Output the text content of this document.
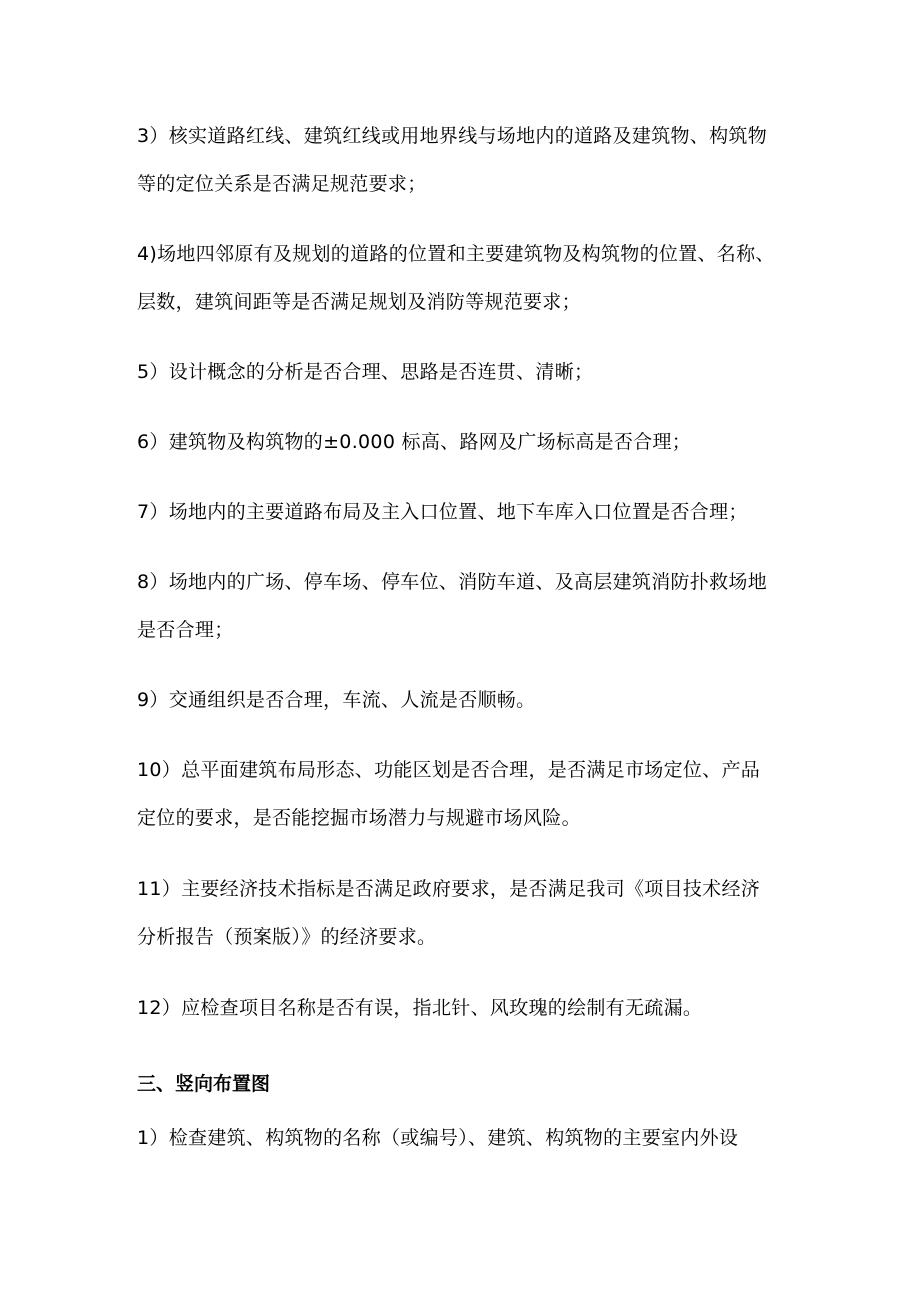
3）核实道路红线、建筑红线或用地界线与场地内的道路及建筑物、构筑物
等的定位关系是否满足规范要求；
4)场地四邻原有及规划的道路的位置和主要建筑物及构筑物的位置、名称、
层数，建筑间距等是否满足规划及消防等规范要求；
5）设计概念的分析是否合理、思路是否连贯、清晰；
6）建筑物及构筑物的±0.000 标高、路网及广场标高是否合理；
7）场地内的主要道路布局及主入口位置、地下车库入口位置是否合理；
8）场地内的广场、停车场、停车位、消防车道、及高层建筑消防扑救场地
是否合理；
9）交通组织是否合理，车流、人流是否顺畅。
10）总平面建筑布局形态、功能区划是否合理，是否满足市场定位、产品
定位的要求，是否能挖掘市场潜力与规避市场风险。
11）主要经济技术指标是否满足政府要求，是否满足我司《项目技术经济
分析报告（预案版）》的经济要求。
12）应检查项目名称是否有误，指北针、风玫瑰的绘制有无疏漏。
三、竖向布置图
1）检查建筑、构筑物的名称（或编号）、建筑、构筑物的主要室内外设
